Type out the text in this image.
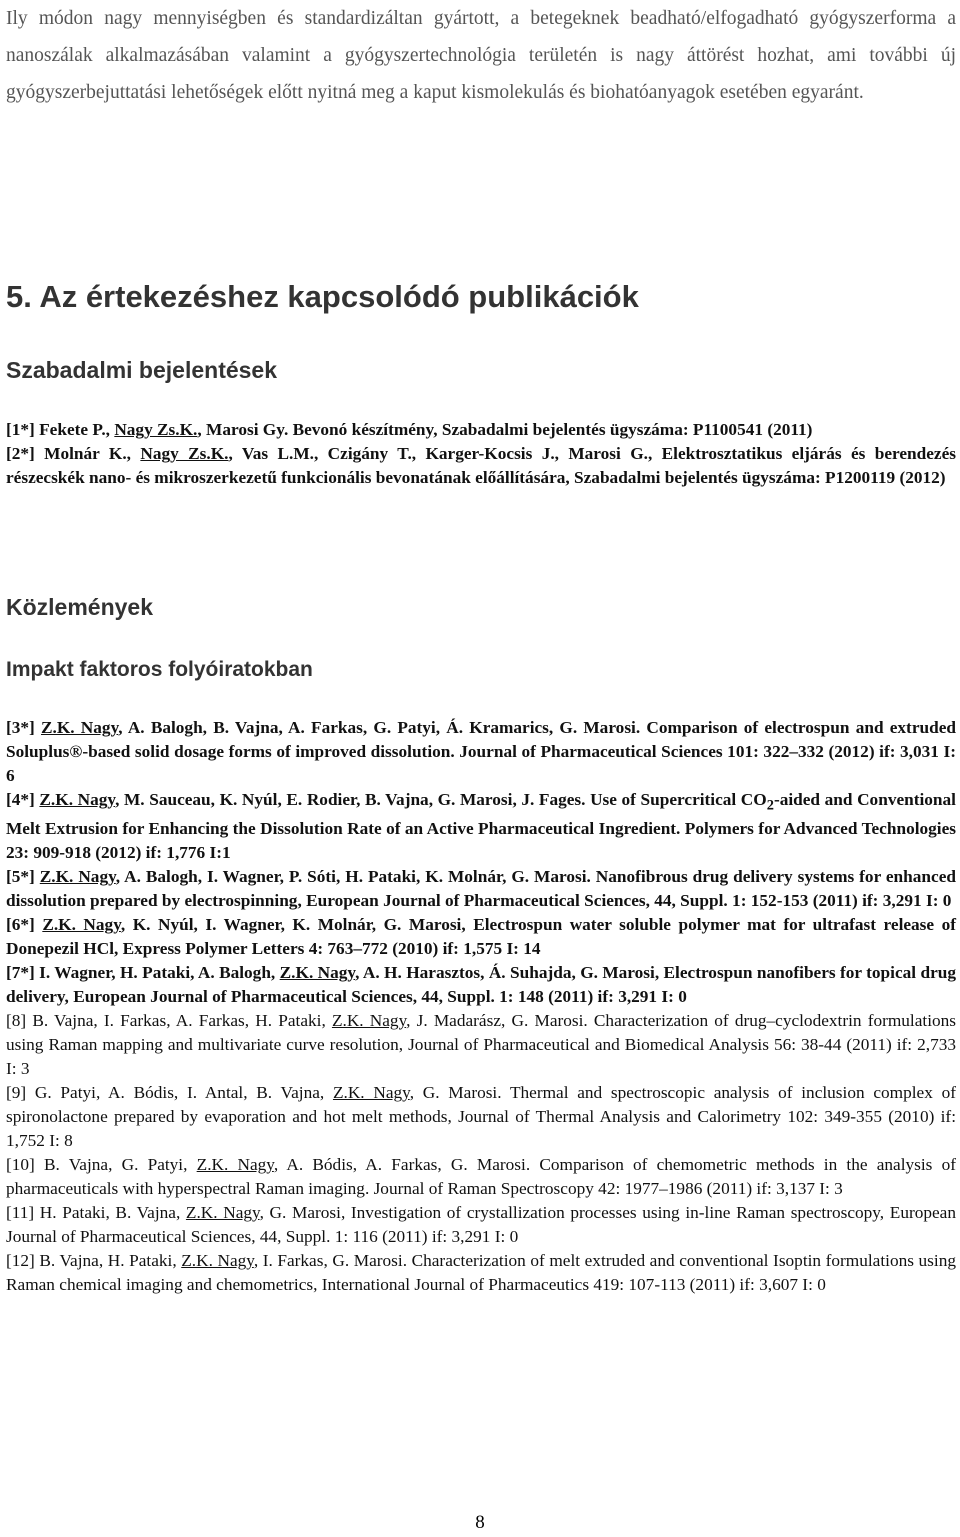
Ily módon nagy mennyiségben és standardizáltan gyártott, a betegeknek beadható/elfogadható gyógyszerforma a nanoszálak alkalmazásában valamint a gyógyszertechnológia területén is nagy áttörést hozhat, ami további új gyógyszerbejuttatási lehetőségek előtt nyitná meg a kaput kismolekulás és biohatóanyagok esetében egyaránt.

5. Az értekezéshez kapcsolódó publikációk
Szabadalmi bejelentések

[1*] Fekete P., Nagy Zs.K., Marosi Gy. Bevonó készítmény, Szabadalmi bejelentés ügyszáma: P1100541 (2011)

[2*] Molnár K., Nagy Zs.K., Vas L.M., Czigány T., Karger-Kocsis J., Marosi G., Elektrosztatikus eljárás és berendezés részecskék nano- és mikroszerkezetű funkcionális bevonatának előállítására, Szabadalmi bejelentés ügyszáma: P1200119 (2012)

Közlemények
Impakt faktoros folyóiratokban

[3*] Z.K. Nagy, A. Balogh, B. Vajna, A. Farkas, G. Patyi, Á. Kramarics, G. Marosi. Comparison of electrospun and extruded Soluplus®-based solid dosage forms of improved dissolution. Journal of Pharmaceutical Sciences 101: 322–332 (2012) if: 3,031 I: 6

[4*] Z.K. Nagy, M. Sauceau, K. Nyúl, E. Rodier, B. Vajna, G. Marosi, J. Fages. Use of Supercritical $CO_2$-aided and Conventional Melt Extrusion for Enhancing the Dissolution Rate of an Active Pharmaceutical Ingredient. Polymers for Advanced Technologies 23: 909-918 (2012) if: 1,776 I:1

[5*] Z.K. Nagy, A. Balogh, I. Wagner, P. Sóti, H. Pataki, K. Molnár, G. Marosi. Nanofibrous drug delivery systems for enhanced dissolution prepared by electrospinning, European Journal of Pharmaceutical Sciences, 44, Suppl. 1: 152-153 (2011) if: 3,291 I: 0

[6*] Z.K. Nagy, K. Nyúl, I. Wagner, K. Molnár, G. Marosi, Electrospun water soluble polymer mat for ultrafast release of Donepezil HCl, Express Polymer Letters 4: 763–772 (2010) if: 1,575 I: 14

[7*] I. Wagner, H. Pataki, A. Balogh, Z.K. Nagy, A. H. Harasztos, Á. Suhajda, G. Marosi, Electrospun nanofibers for topical drug delivery, European Journal of Pharmaceutical Sciences, 44, Suppl. 1: 148 (2011) if: 3,291 I: 0

[8] B. Vajna, I. Farkas, A. Farkas, H. Pataki, Z.K. Nagy, J. Madarász, G. Marosi. Characterization of drug–cyclodextrin formulations using Raman mapping and multivariate curve resolution, Journal of Pharmaceutical and Biomedical Analysis 56: 38-44 (2011) if: 2,733 I: 3

[9] G. Patyi, A. Bódis, I. Antal, B. Vajna, Z.K. Nagy, G. Marosi. Thermal and spectroscopic analysis of inclusion complex of spironolactone prepared by evaporation and hot melt methods, Journal of Thermal Analysis and Calorimetry 102: 349-355 (2010) if: 1,752 I: 8

[10] B. Vajna, G. Patyi, Z.K. Nagy, A. Bódis, A. Farkas, G. Marosi. Comparison of chemometric methods in the analysis of pharmaceuticals with hyperspectral Raman imaging. Journal of Raman Spectroscopy 42: 1977–1986 (2011) if: 3,137 I: 3

[11] H. Pataki, B. Vajna, Z.K. Nagy, G. Marosi, Investigation of crystallization processes using in-line Raman spectroscopy, European Journal of Pharmaceutical Sciences, 44, Suppl. 1: 116 (2011) if: 3,291 I: 0

[12] B. Vajna, H. Pataki, Z.K. Nagy, I. Farkas, G. Marosi. Characterization of melt extruded and conventional Isoptin formulations using Raman chemical imaging and chemometrics, International Journal of Pharmaceutics 419: 107-113 (2011) if: 3,607 I: 0

8
